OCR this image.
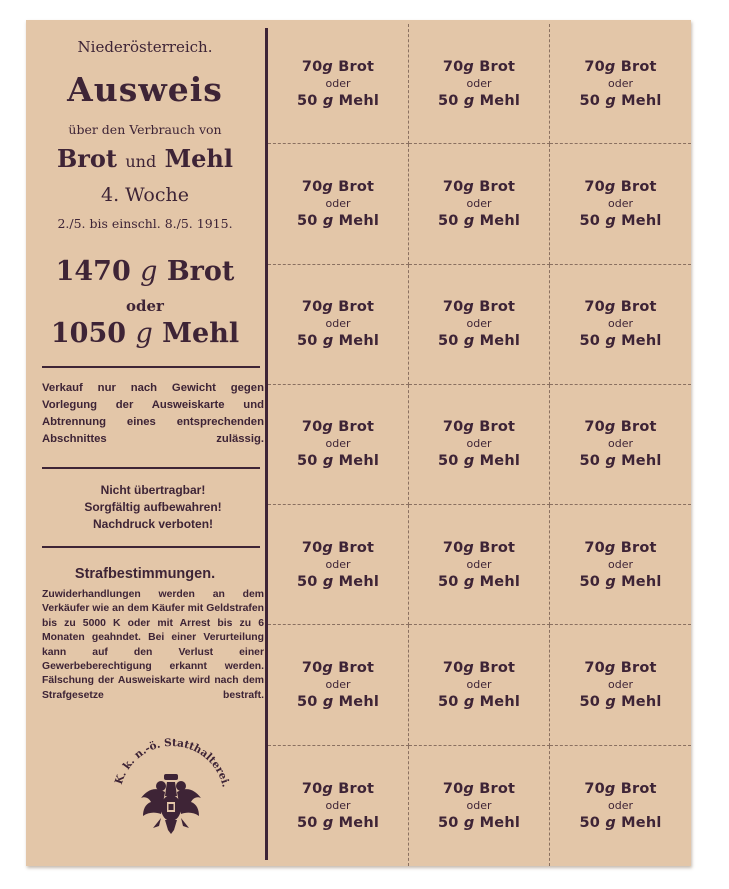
Niederösterreich.
Ausweis
über den Verbrauch von
Brot und Mehl
4. Woche
2./5. bis einschl. 8./5. 1915.
1470 g Brot
oder
1050 g Mehl
Verkauf nur nach Gewicht gegen Vorlegung der Ausweiskarte und Abtrennung eines entsprechenden Abschnittes zulässig.
Nicht übertragbar!
Sorgfältig aufbewahren!
Nachdruck verboten!
Strafbestimmungen.
Zuwiderhandlungen werden an dem Verkäufer wie an dem Käufer mit Geldstrafen bis zu 5000 K oder mit Arrest bis zu 6 Monaten geahndet. Bei einer Verurteilung kann auf den Verlust einer Gewerbeberechtigung erkannt werden. Fälschung der Ausweiskarte wird nach dem Strafgesetze bestraft.
K. k. n.-ö. Statthalterei.
70g Brot
oder
50 g Mehl
70g Brot
oder
50 g Mehl
70g Brot
oder
50 g Mehl
70g Brot
oder
50 g Mehl
70g Brot
oder
50 g Mehl
70g Brot
oder
50 g Mehl
70g Brot
oder
50 g Mehl
70g Brot
oder
50 g Mehl
70g Brot
oder
50 g Mehl
70g Brot
oder
50 g Mehl
70g Brot
oder
50 g Mehl
70g Brot
oder
50 g Mehl
70g Brot
oder
50 g Mehl
70g Brot
oder
50 g Mehl
70g Brot
oder
50 g Mehl
70g Brot
oder
50 g Mehl
70g Brot
oder
50 g Mehl
70g Brot
oder
50 g Mehl
70g Brot
oder
50 g Mehl
70g Brot
oder
50 g Mehl
70g Brot
oder
50 g Mehl
